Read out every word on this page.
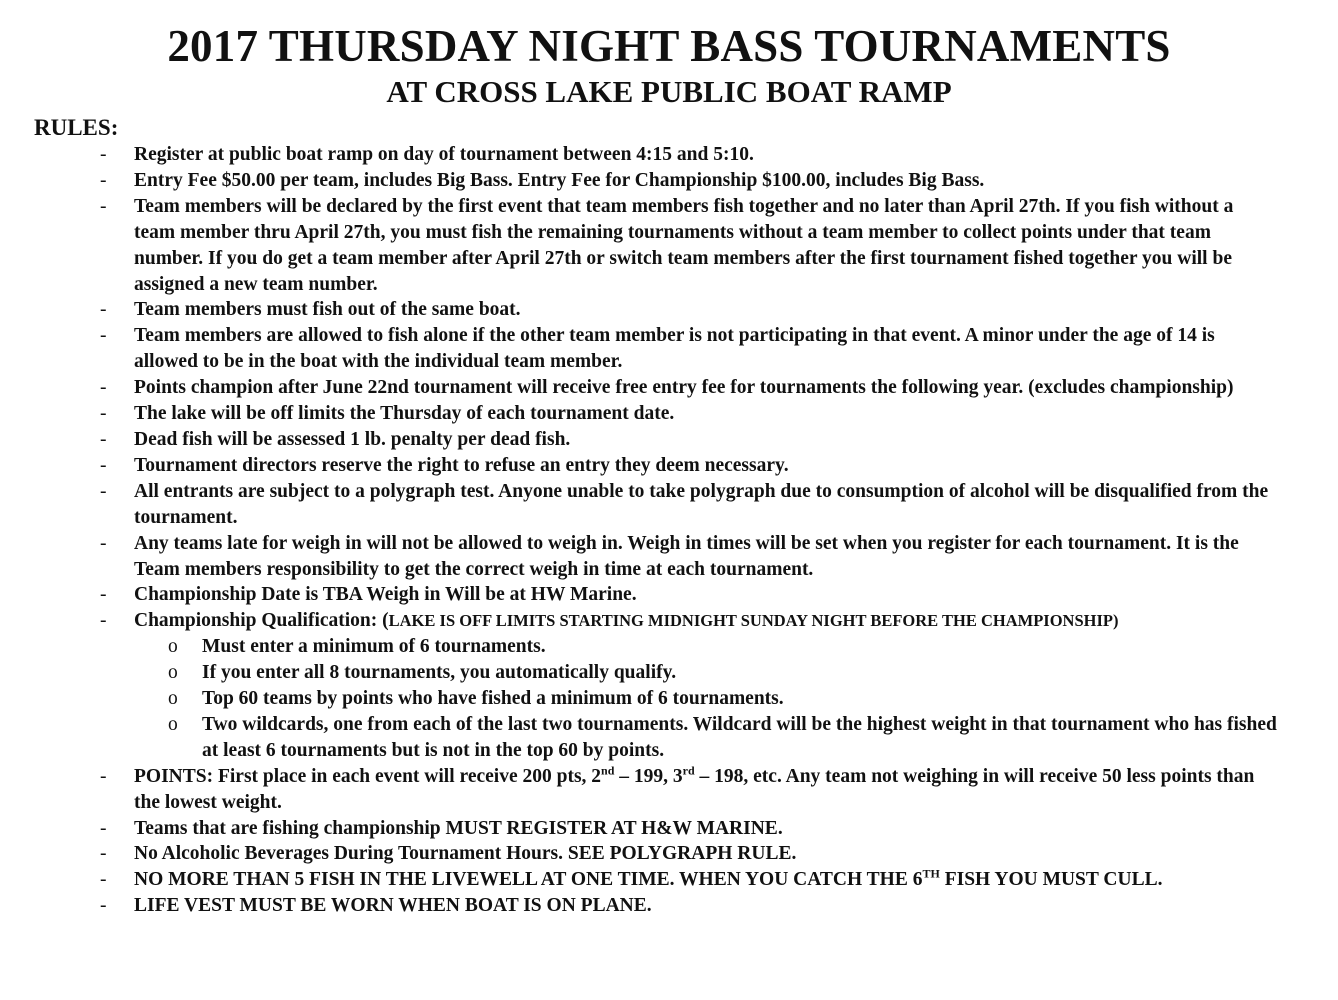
2017 THURSDAY NIGHT BASS TOURNAMENTS
AT CROSS LAKE PUBLIC BOAT RAMP
RULES:
- Register at public boat ramp on day of tournament between 4:15 and 5:10.
- Entry Fee $50.00 per team, includes Big Bass. Entry Fee for Championship $100.00, includes Big Bass.
- Team members will be declared by the first event that team members fish together and no later than April 27th. If you fish without a team member thru April 27th, you must fish the remaining tournaments without a team member to collect points under that team number. If you do get a team member after April 27th or switch team members after the first tournament fished together you will be assigned a new team number.
- Team members must fish out of the same boat.
- Team members are allowed to fish alone if the other team member is not participating in that event. A minor under the age of 14 is allowed to be in the boat with the individual team member.
- Points champion after June 22nd tournament will receive free entry fee for tournaments the following year. (excludes championship)
- The lake will be off limits the Thursday of each tournament date.
- Dead fish will be assessed 1 lb. penalty per dead fish.
- Tournament directors reserve the right to refuse an entry they deem necessary.
- All entrants are subject to a polygraph test. Anyone unable to take polygraph due to consumption of alcohol will be disqualified from the tournament.
- Any teams late for weigh in will not be allowed to weigh in. Weigh in times will be set when you register for each tournament. It is the Team members responsibility to get the correct weigh in time at each tournament.
- Championship Date is TBA Weigh in Will be at HW Marine.
- Championship Qualification: (LAKE IS OFF LIMITS STARTING MIDNIGHT SUNDAY NIGHT BEFORE THE CHAMPIONSHIP)
o Must enter a minimum of 6 tournaments.
o If you enter all 8 tournaments, you automatically qualify.
o Top 60 teams by points who have fished a minimum of 6 tournaments.
o Two wildcards, one from each of the last two tournaments. Wildcard will be the highest weight in that tournament who has fished at least 6 tournaments but is not in the top 60 by points.
- POINTS: First place in each event will receive 200 pts, 2nd – 199, 3rd – 198, etc. Any team not weighing in will receive 50 less points than the lowest weight.
- Teams that are fishing championship MUST REGISTER AT H&W MARINE.
- No Alcoholic Beverages During Tournament Hours. SEE POLYGRAPH RULE.
- NO MORE THAN 5 FISH IN THE LIVEWELL AT ONE TIME. WHEN YOU CATCH THE 6TH FISH YOU MUST CULL.
- LIFE VEST MUST BE WORN WHEN BOAT IS ON PLANE.
